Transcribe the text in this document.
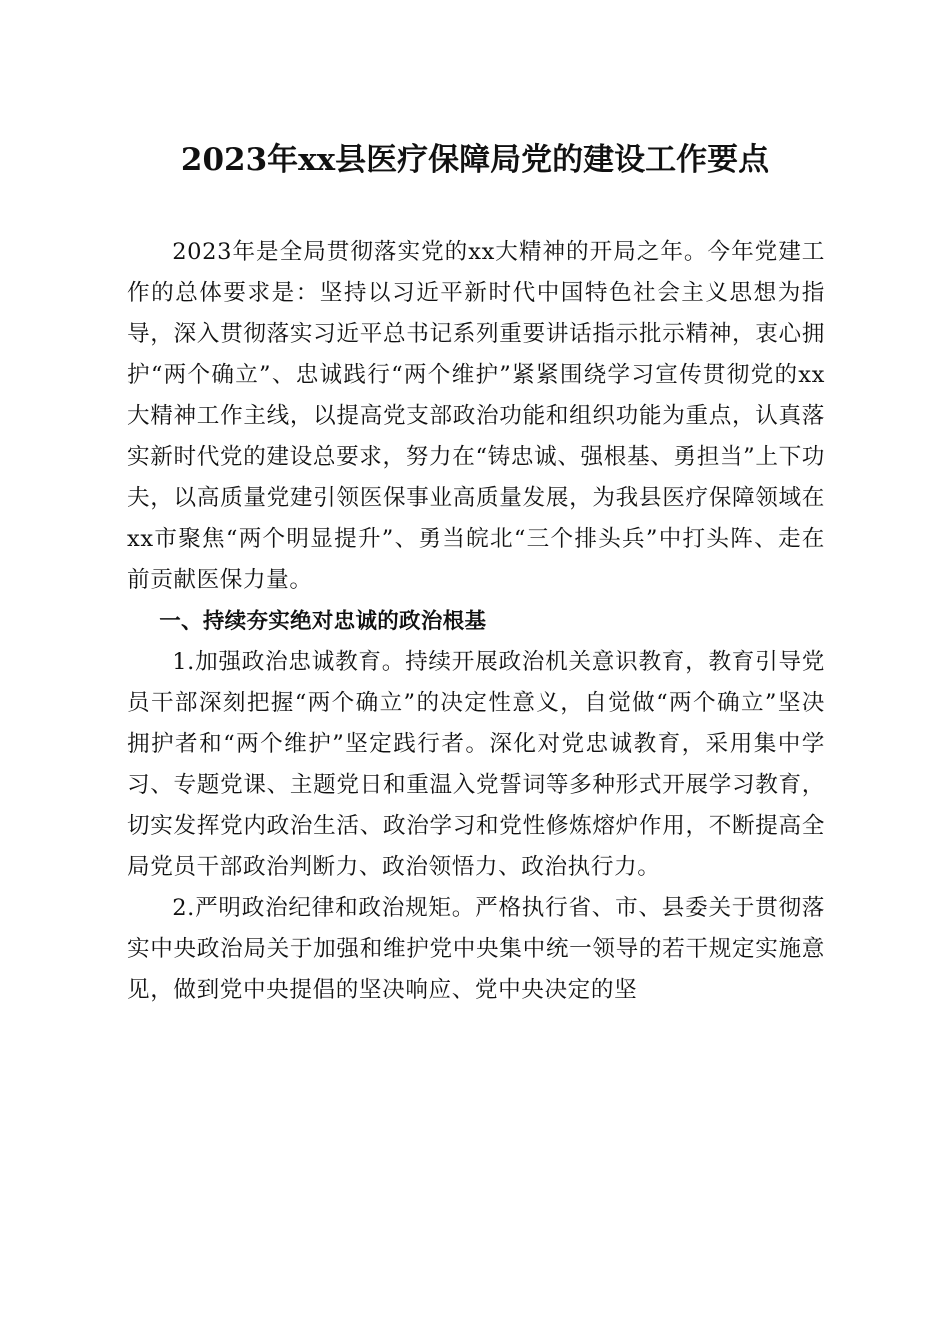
2023年xx县医疗保障局党的建设工作要点

2023年是全局贯彻落实党的xx大精神的开局之年。今年党建工作的总体要求是：坚持以习近平新时代中国特色社会主义思想为指导，深入贯彻落实习近平总书记系列重要讲话指示批示精神，衷心拥护“两个确立”、忠诚践行“两个维护”紧紧围绕学习宣传贯彻党的xx大精神工作主线，以提高党支部政治功能和组织功能为重点，认真落实新时代党的建设总要求，努力在“铸忠诚、强根基、勇担当”上下功夫，以高质量党建引领医保事业高质量发展，为我县医疗保障领域在xx市聚焦“两个明显提升”、勇当皖北“三个排头兵”中打头阵、走在前贡献医保力量。

一、持续夯实绝对忠诚的政治根基

1.加强政治忠诚教育。持续开展政治机关意识教育，教育引导党员干部深刻把握“两个确立”的决定性意义，自觉做“两个确立”坚决拥护者和“两个维护”坚定践行者。深化对党忠诚教育，采用集中学习、专题党课、主题党日和重温入党誓词等多种形式开展学习教育，切实发挥党内政治生活、政治学习和党性修炼熔炉作用，不断提高全局党员干部政治判断力、政治领悟力、政治执行力。

2.严明政治纪律和政治规矩。严格执行省、市、县委关于贯彻落实中央政治局关于加强和维护党中央集中统一领导的若干规定实施意见，做到党中央提倡的坚决响应、党中央决定的坚
